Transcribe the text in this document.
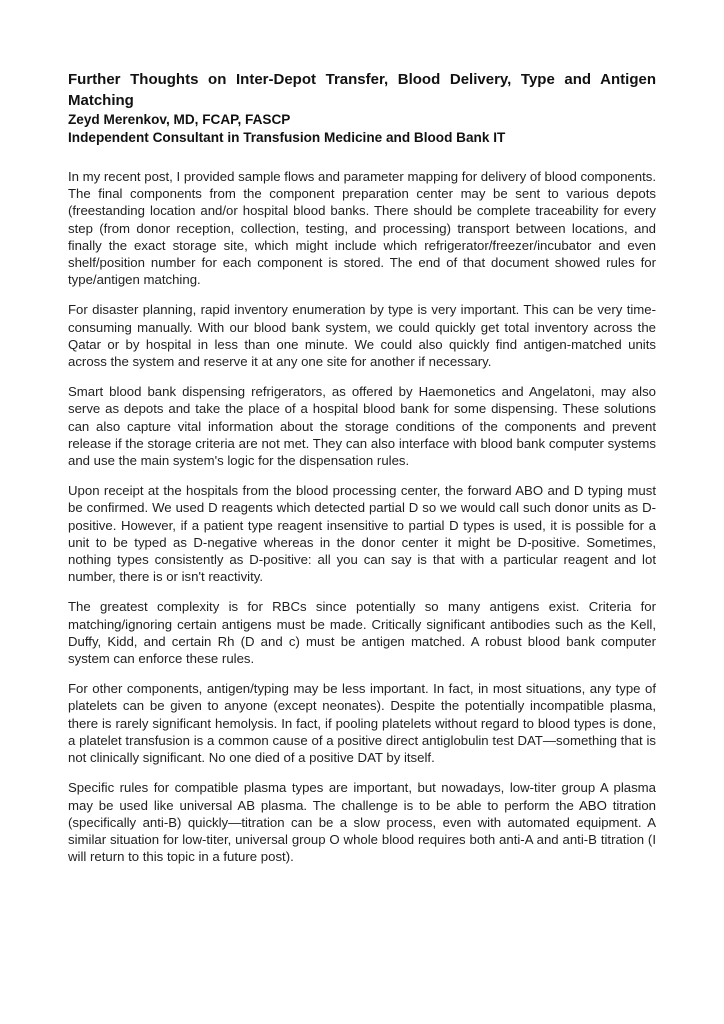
Further Thoughts on Inter-Depot Transfer, Blood Delivery, Type and Antigen Matching

Zeyd Merenkov, MD, FCAP, FASCP

Independent Consultant in Transfusion Medicine and Blood Bank IT

In my recent post, I provided sample flows and parameter mapping for delivery of blood components. The final components from the component preparation center may be sent to various depots (freestanding location and/or hospital blood banks. There should be complete traceability for every step (from donor reception, collection, testing, and processing) transport between locations, and finally the exact storage site, which might include which refrigerator/freezer/incubator and even shelf/position number for each component is stored. The end of that document showed rules for type/antigen matching.

For disaster planning, rapid inventory enumeration by type is very important. This can be very time-consuming manually. With our blood bank system, we could quickly get total inventory across the Qatar or by hospital in less than one minute. We could also quickly find antigen-matched units across the system and reserve it at any one site for another if necessary.

Smart blood bank dispensing refrigerators, as offered by Haemonetics and Angelatoni, may also serve as depots and take the place of a hospital blood bank for some dispensing. These solutions can also capture vital information about the storage conditions of the components and prevent release if the storage criteria are not met. They can also interface with blood bank computer systems and use the main system's logic for the dispensation rules.

Upon receipt at the hospitals from the blood processing center, the forward ABO and D typing must be confirmed. We used D reagents which detected partial D so we would call such donor units as D-positive. However, if a patient type reagent insensitive to partial D types is used, it is possible for a unit to be typed as D-negative whereas in the donor center it might be D-positive. Sometimes, nothing types consistently as D-positive: all you can say is that with a particular reagent and lot number, there is or isn't reactivity.

The greatest complexity is for RBCs since potentially so many antigens exist. Criteria for matching/ignoring certain antigens must be made. Critically significant antibodies such as the Kell, Duffy, Kidd, and certain Rh (D and c) must be antigen matched. A robust blood bank computer system can enforce these rules.

For other components, antigen/typing may be less important. In fact, in most situations, any type of platelets can be given to anyone (except neonates). Despite the potentially incompatible plasma, there is rarely significant hemolysis. In fact, if pooling platelets without regard to blood types is done, a platelet transfusion is a common cause of a positive direct antiglobulin test DAT—something that is not clinically significant. No one died of a positive DAT by itself.

Specific rules for compatible plasma types are important, but nowadays, low-titer group A plasma may be used like universal AB plasma. The challenge is to be able to perform the ABO titration (specifically anti-B) quickly—titration can be a slow process, even with automated equipment. A similar situation for low-titer, universal group O whole blood requires both anti-A and anti-B titration (I will return to this topic in a future post).
